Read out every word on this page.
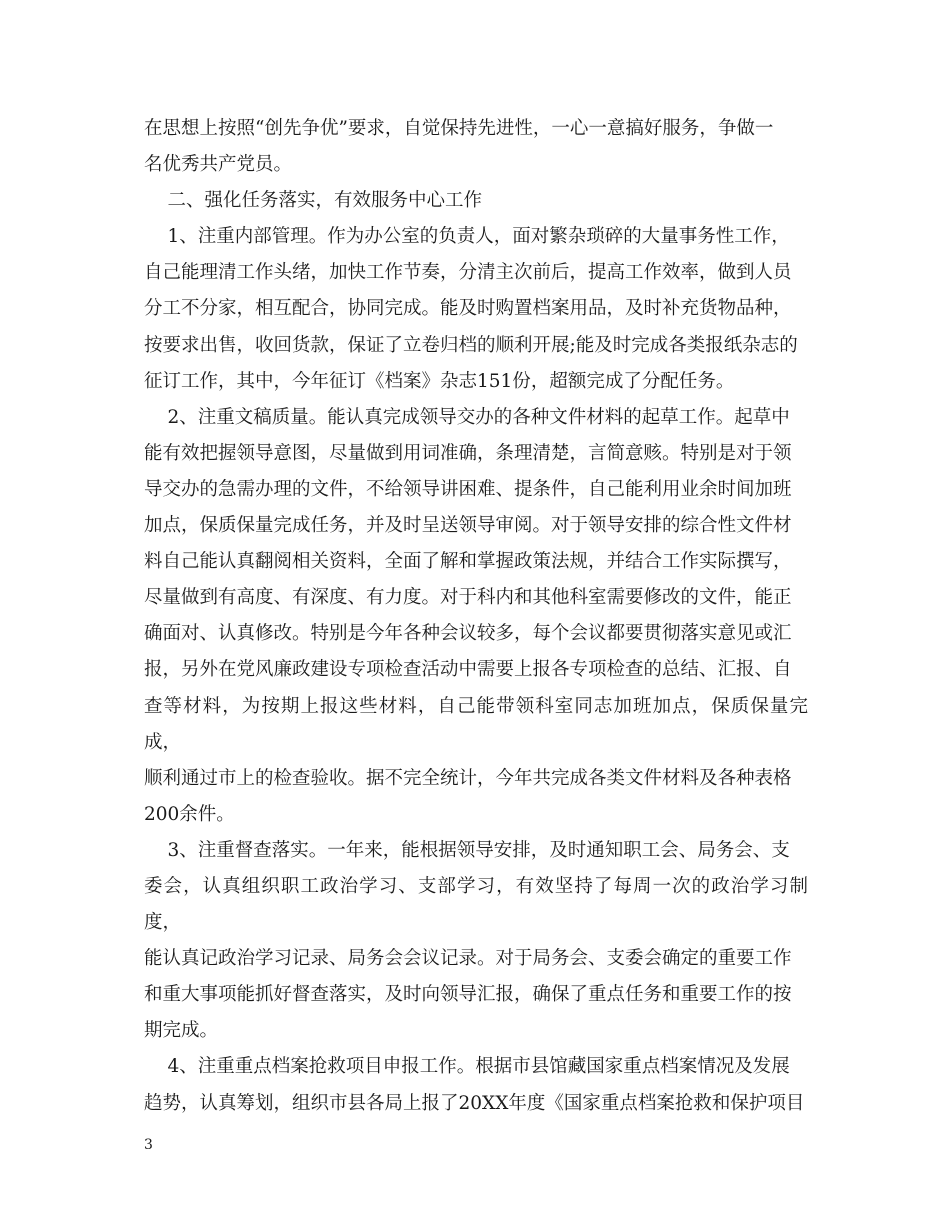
在思想上按照“创先争优”要求，自觉保持先进性，一心一意搞好服务，争做一
名优秀共产党员。
二、强化任务落实，有效服务中心工作
1、注重内部管理。作为办公室的负责人，面对繁杂琐碎的大量事务性工作，
自己能理清工作头绪，加快工作节奏，分清主次前后，提高工作效率，做到人员
分工不分家，相互配合，协同完成。能及时购置档案用品，及时补充货物品种，
按要求出售，收回货款，保证了立卷归档的顺利开展;能及时完成各类报纸杂志的
征订工作，其中，今年征订《档案》杂志151份，超额完成了分配任务。
2、注重文稿质量。能认真完成领导交办的各种文件材料的起草工作。起草中
能有效把握领导意图，尽量做到用词准确，条理清楚，言简意赅。特别是对于领
导交办的急需办理的文件，不给领导讲困难、提条件，自己能利用业余时间加班
加点，保质保量完成任务，并及时呈送领导审阅。对于领导安排的综合性文件材
料自己能认真翻阅相关资料，全面了解和掌握政策法规，并结合工作实际撰写，
尽量做到有高度、有深度、有力度。对于科内和其他科室需要修改的文件，能正
确面对、认真修改。特别是今年各种会议较多，每个会议都要贯彻落实意见或汇
报，另外在党风廉政建设专项检查活动中需要上报各专项检查的总结、汇报、自
查等材料，为按期上报这些材料，自己能带领科室同志加班加点，保质保量完成，
顺利通过市上的检查验收。据不完全统计，今年共完成各类文件材料及各种表格
200余件。
3、注重督查落实。一年来，能根据领导安排，及时通知职工会、局务会、支
委会，认真组织职工政治学习、支部学习，有效坚持了每周一次的政治学习制度，
能认真记政治学习记录、局务会会议记录。对于局务会、支委会确定的重要工作
和重大事项能抓好督查落实，及时向领导汇报，确保了重点任务和重要工作的按
期完成。
4、注重重点档案抢救项目申报工作。根据市县馆藏国家重点档案情况及发展
趋势，认真筹划，组织市县各局上报了20XX年度《国家重点档案抢救和保护项目
3
